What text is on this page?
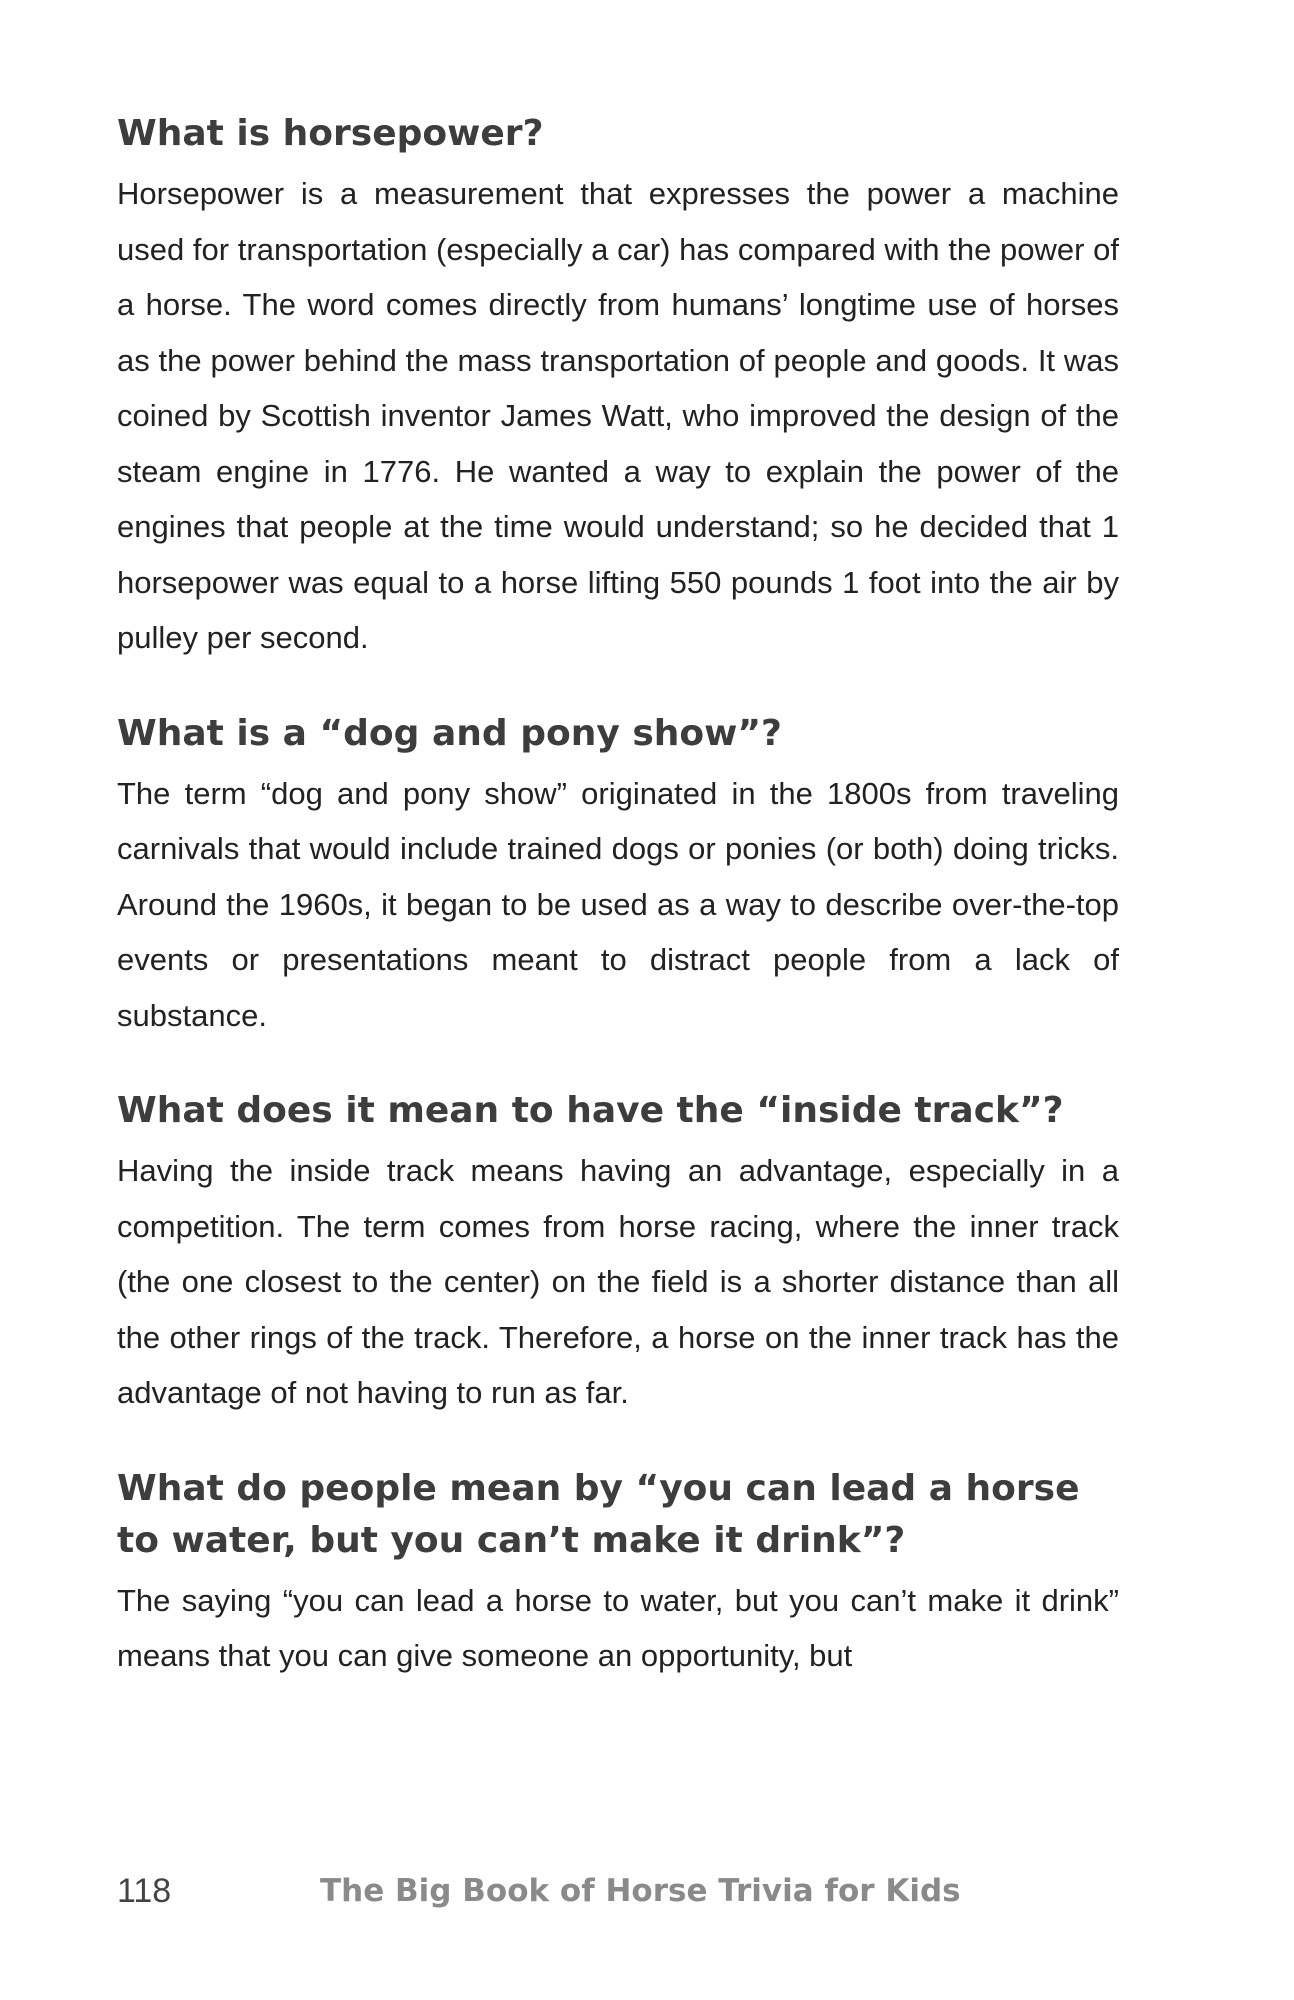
What is horsepower?

Horsepower is a measurement that expresses the power a machine used for transportation (especially a car) has compared with the power of a horse. The word comes directly from humans’ longtime use of horses as the power behind the mass transportation of people and goods. It was coined by Scottish inventor James Watt, who improved the design of the steam engine in 1776. He wanted a way to explain the power of the engines that people at the time would understand; so he decided that 1 horsepower was equal to a horse lifting 550 pounds 1 foot into the air by pulley per second.

What is a “dog and pony show”?

The term “dog and pony show” originated in the 1800s from traveling carnivals that would include trained dogs or ponies (or both) doing tricks. Around the 1960s, it began to be used as a way to describe over-the-top events or presentations meant to distract people from a lack of substance.

What does it mean to have the “inside track”?

Having the inside track means having an advantage, especially in a competition. The term comes from horse racing, where the inner track (the one closest to the center) on the field is a shorter distance than all the other rings of the track. Therefore, a horse on the inner track has the advantage of not having to run as far.

What do people mean by “you can lead a horse to water, but you can’t make it drink”?

The saying “you can lead a horse to water, but you can’t make it drink” means that you can give someone an opportunity, but

118	The Big Book of Horse Trivia for Kids
